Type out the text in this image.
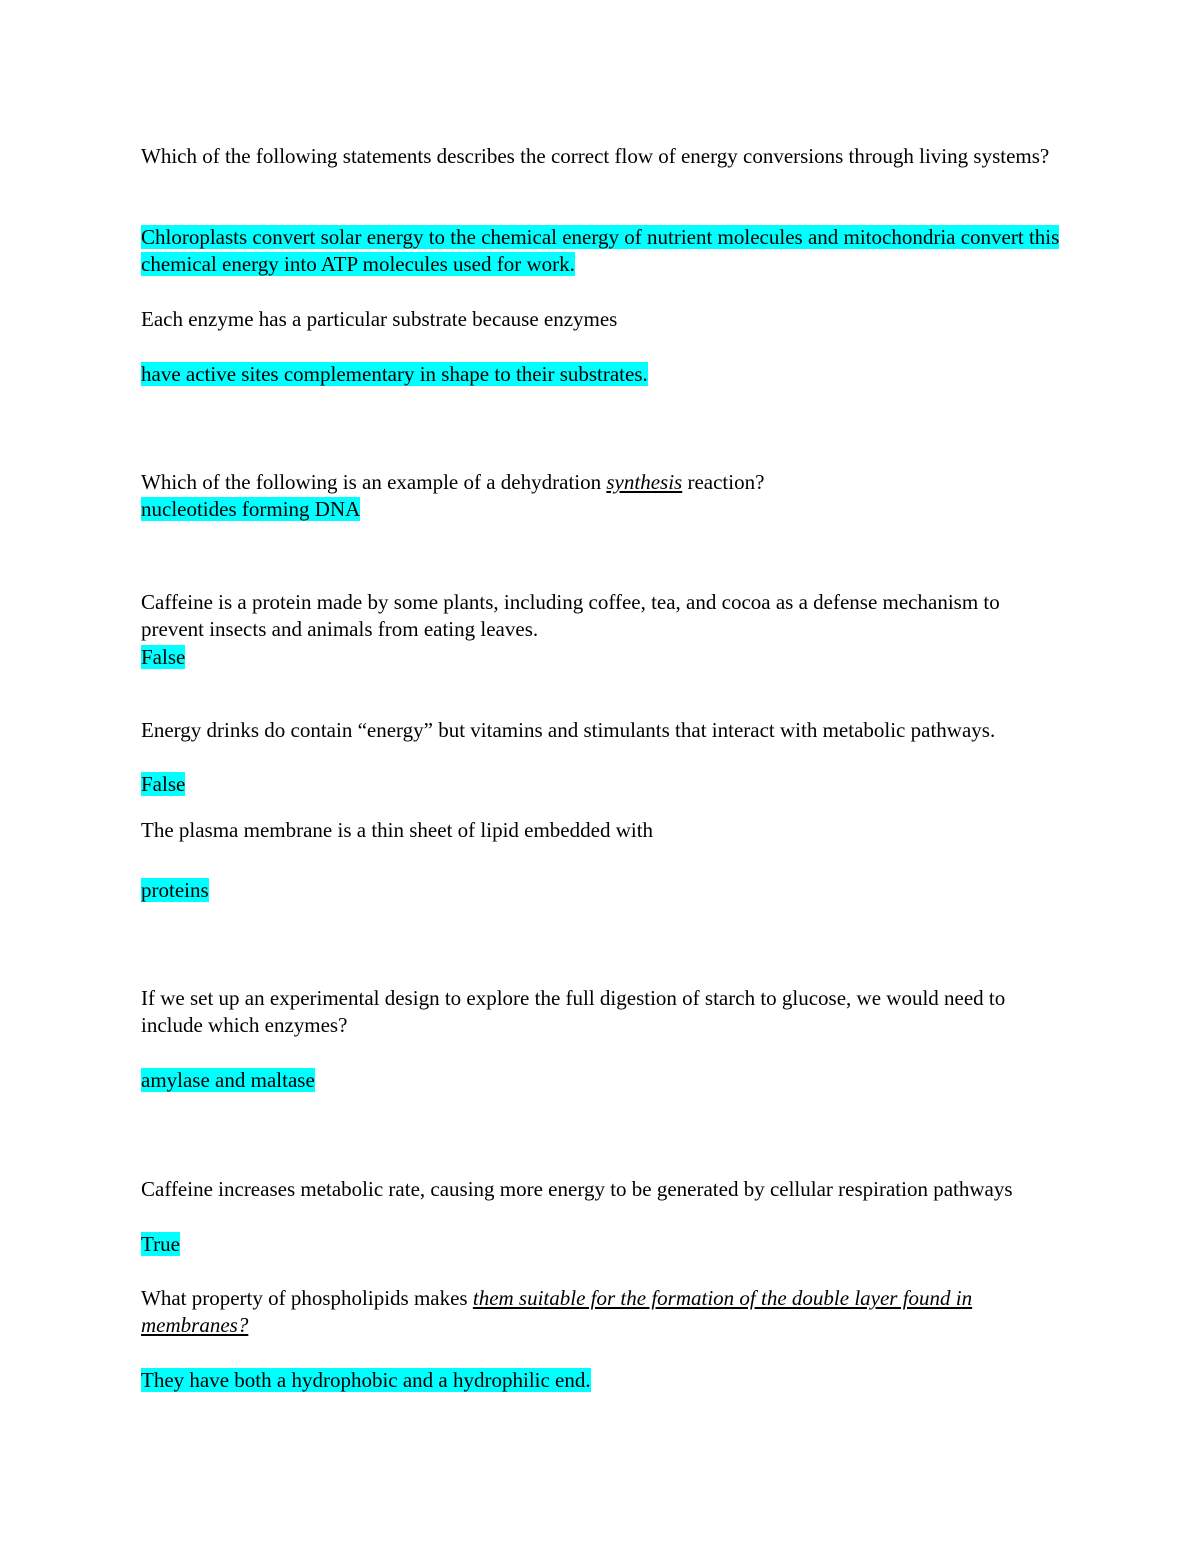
Which of the following statements describes the correct flow of energy conversions through living systems?

Chloroplasts convert solar energy to the chemical energy of nutrient molecules and mitochondria convert this chemical energy into ATP molecules used for work.

Each enzyme has a particular substrate because enzymes

have active sites complementary in shape to their substrates.

Which of the following is an example of a dehydration synthesis reaction?

nucleotides forming DNA

Caffeine is a protein made by some plants, including coffee, tea, and cocoa as a defense mechanism to prevent insects and animals from eating leaves.

False

Energy drinks do contain “energy” but vitamins and stimulants that interact with metabolic pathways.

False

The plasma membrane is a thin sheet of lipid embedded with

proteins

If we set up an experimental design to explore the full digestion of starch to glucose, we would need to include which enzymes?

amylase and maltase

Caffeine increases metabolic rate, causing more energy to be generated by cellular respiration pathways

True

What property of phospholipids makes them suitable for the formation of the double layer found in membranes?

They have both a hydrophobic and a hydrophilic end.
